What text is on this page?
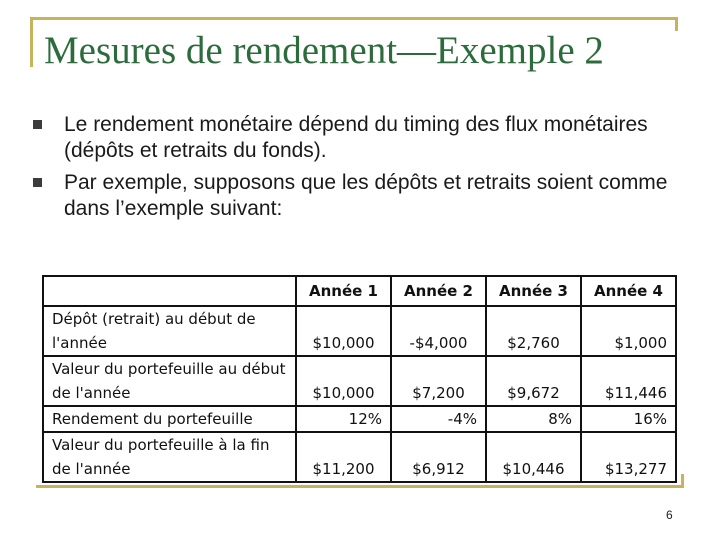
Mesures de rendement—Exemple 2
Le rendement monétaire dépend du timing des flux monétaires (dépôts et retraits du fonds).
Par exemple, supposons que les dépôts et retraits soient comme dans l’exemple suivant:
	Année 1	Année 2	Année 3	Année 4

Dépôt (retrait) au début de
l'année	$10,000	-$4,000	$2,760	$1,000

Valeur du portefeuille au début
de l'année	$10,000	$7,200	$9,672	$11,446

Rendement du portefeuille	12%	-4%	8%	16%

Valeur du portefeuille à la fin
de l'année	$11,200	$6,912	$10,446	$13,277
6
